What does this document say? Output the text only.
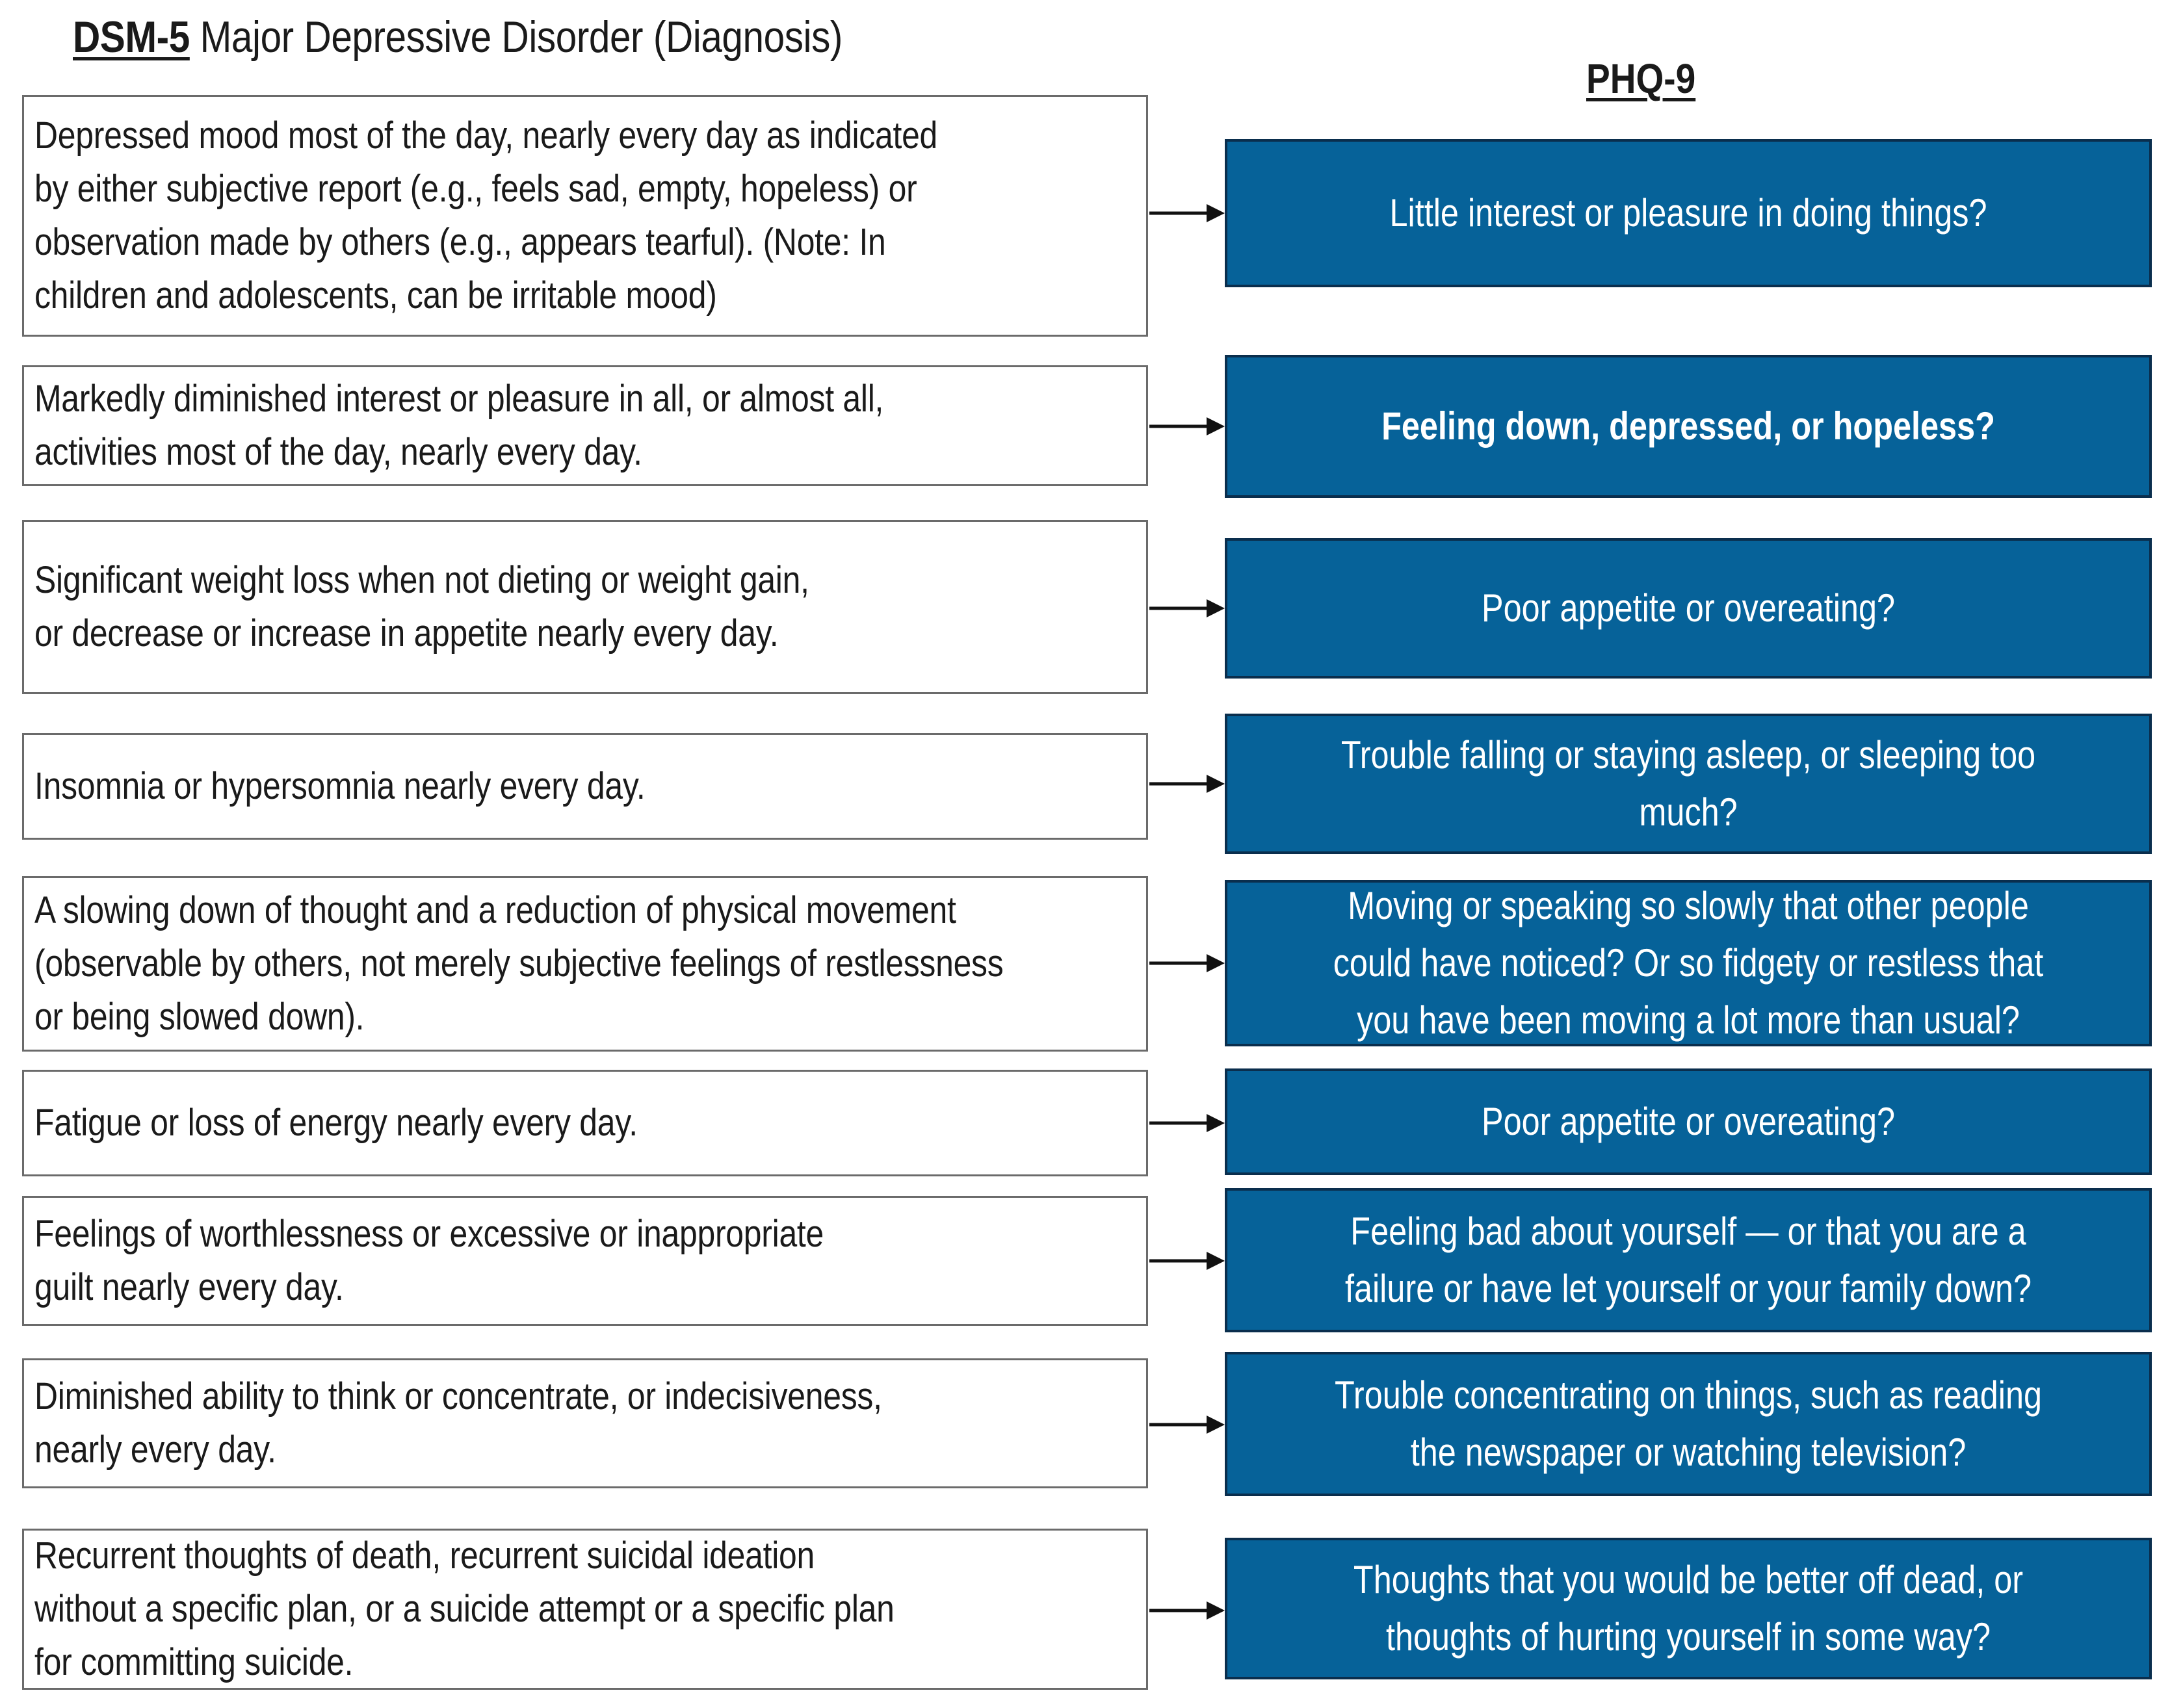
DSM-5 Major Depressive Disorder (Diagnosis)
PHQ-9
Depressed mood most of the day, nearly every day as indicated
by either subjective report (e.g., feels sad, empty, hopeless) or
observation made by others (e.g., appears tearful). (Note: In
children and adolescents, can be irritable mood)
Little interest or pleasure in doing things?
Markedly diminished interest or pleasure in all, or almost all,
activities most of the day, nearly every day.
Feeling down, depressed, or hopeless?
Significant weight loss when not dieting or weight gain,
or decrease or increase in appetite nearly every day.
Poor appetite or overeating?
Insomnia or hypersomnia nearly every day.
Trouble falling or staying asleep, or sleeping too
much?
A slowing down of thought and a reduction of physical movement
(observable by others, not merely subjective feelings of restlessness
or being slowed down).
Moving or speaking so slowly that other people
could have noticed? Or so fidgety or restless that
you have been moving a lot more than usual?
Fatigue or loss of energy nearly every day.	Poor appetite or overeating?
Feelings of worthlessness or excessive or inappropriate
guilt nearly every day.
Feeling bad about yourself — or that you are a
failure or have let yourself or your family down?
Diminished ability to think or concentrate, or indecisiveness,
nearly every day.
Trouble concentrating on things, such as reading
the newspaper or watching television?
Recurrent thoughts of death, recurrent suicidal ideation
without a specific plan, or a suicide attempt or a specific plan
for committing suicide.
Thoughts that you would be better off dead, or
thoughts of hurting yourself in some way?
